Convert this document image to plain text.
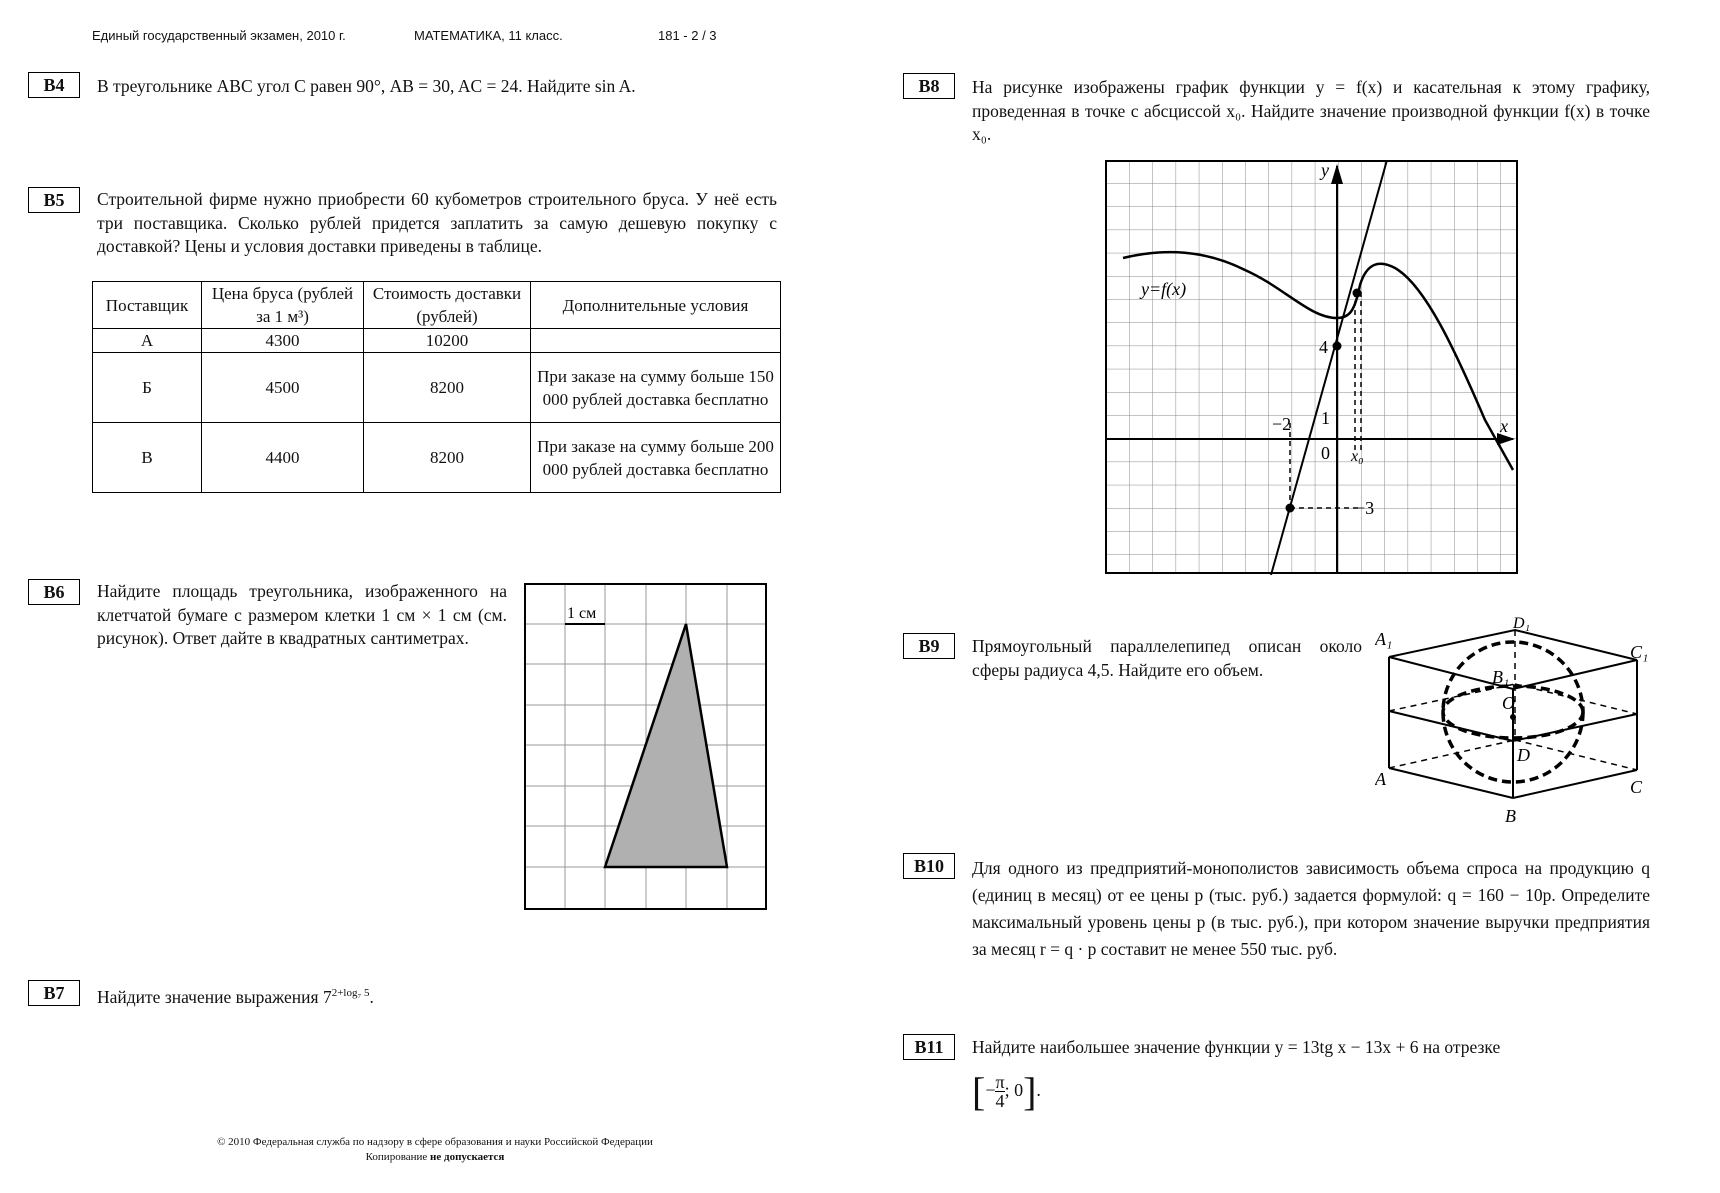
Единый государственный экзамен, 2010 г.	МАТЕМАТИКА, 11 класс.	181 - 2 / 3
B4	В треугольнике ABC угол C равен 90°, AB = 30, AC = 24. Найдите sin A.
B5	Строительной фирме нужно приобрести 60 кубометров строительного бруса. У неё есть три поставщика. Сколько рублей придется заплатить за самую дешевую покупку с доставкой? Цены и условия доставки приведены в таблице.
Поставщик	Цена бруса (рублей за 1 м³)	Стоимость доставки (рублей)	Дополнительные условия
А	4300	10200	
Б	4500	8200	При заказе на сумму больше 150 000 рублей доставка бесплатно
В	4400	8200	При заказе на сумму больше 200 000 рублей доставка бесплатно
B6	Найдите площадь треугольника, изображенного на клетчатой бумаге с размером клетки 1 см × 1 см (см. рисунок). Ответ дайте в квадратных сантиметрах.
1 см
B7	Найдите значение выражения $7^{2+log_7 5}$.
B8	На рисунке изображены график функции y = f(x) и касательная к этому графику, проведенная в точке с абсциссой x₀. Найдите значение производной функции f(x) в точке x₀.
y=f(x)
y
x
x₀
0
4
1
−2
−3
B9	Прямоугольный параллелепипед описан около сферы радиуса 4,5. Найдите его объем.
A₁
D₁
C₁
B₁
O
D
A	C
B
B10	Для одного из предприятий-монополистов зависимость объема спроса на продукцию q (единиц в месяц) от ее цены p (тыс. руб.) задается формулой: q = 160 − 10p. Определите максимальный уровень цены p (в тыс. руб.), при котором значение выручки предприятия за месяц r = q · p составит не менее 550 тыс. руб.
B11	Найдите наибольшее значение функции y = 13tg x − 13x + 6 на отрезке
[− $\frac{\pi}{4}$ ; 0].
© 2010 Федеральная служба по надзору в сфере образования и науки Российской Федерации
Копирование не допускается
